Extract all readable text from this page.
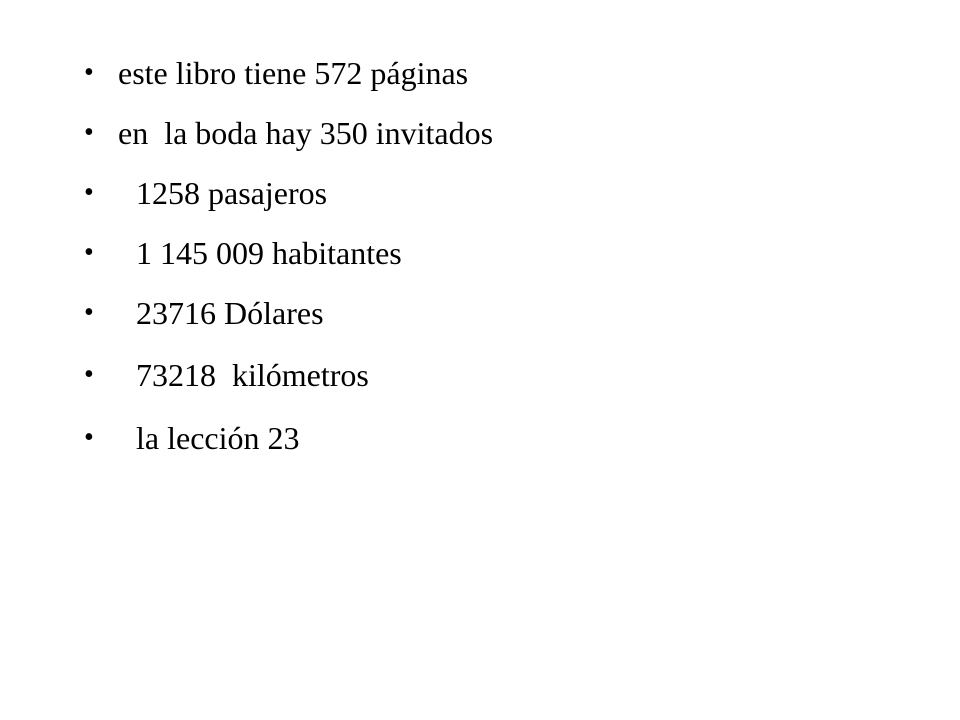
• este libro tiene 572 páginas
• en  la boda hay 350 invitados
•	1258 pasajeros
•	1 145 009 habitantes
•	23716 Dólares
•	73218  kilómetros
•	la lección 23
